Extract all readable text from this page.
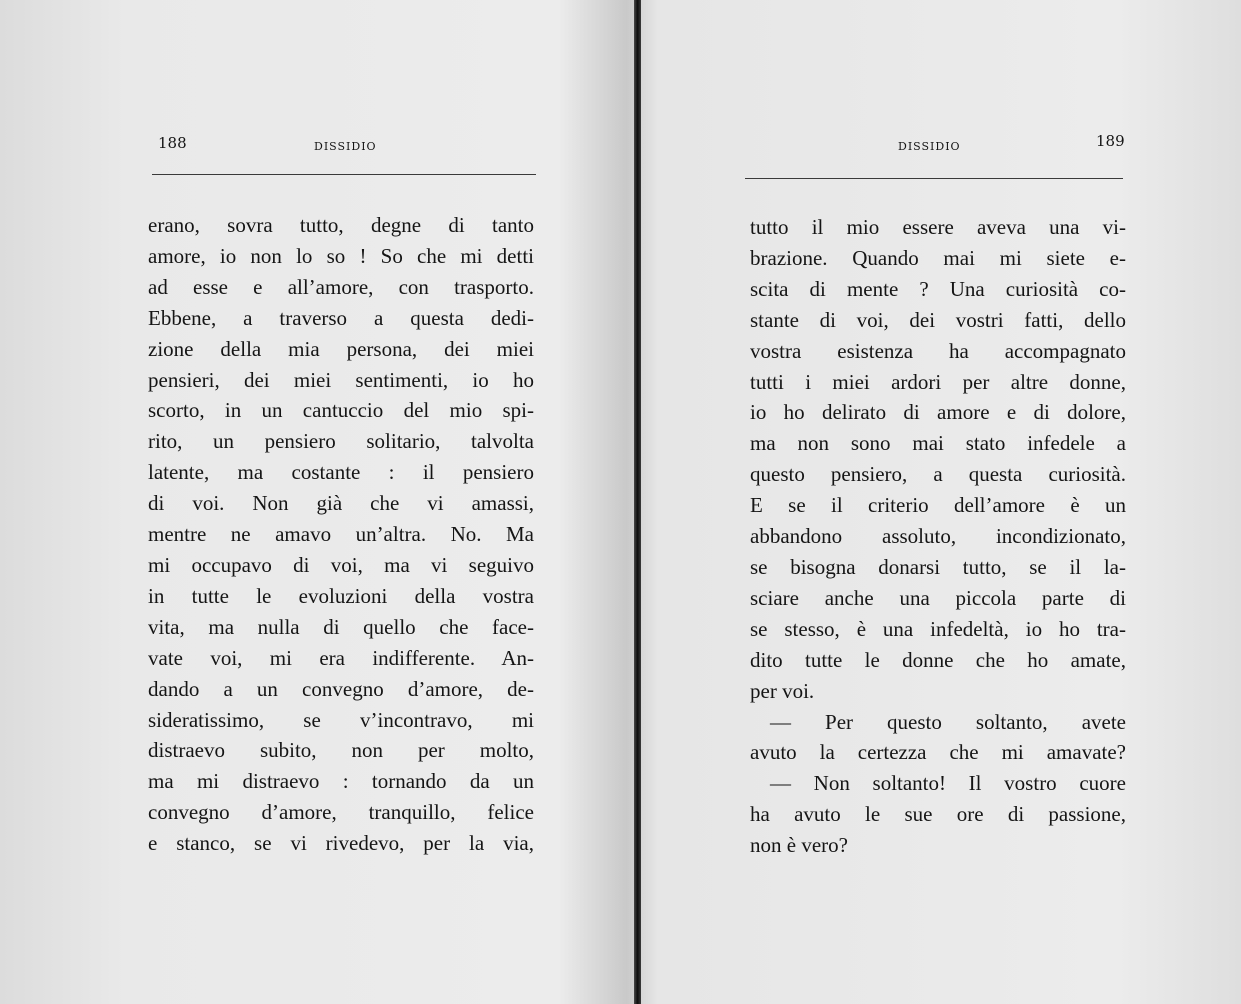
188	DISSIDIO
erano, sovra tutto, degne di tanto
amore, io non lo so ! So che mi detti
ad esse e all’amore, con trasporto.
Ebbene, a traverso a questa dedi-
zione della mia persona, dei miei
pensieri, dei miei sentimenti, io ho
scorto, in un cantuccio del mio spi-
rito, un pensiero solitario, talvolta
latente, ma costante : il pensiero
di voi. Non già che vi amassi,
mentre ne amavo un’altra. No. Ma
mi occupavo di voi, ma vi seguivo
in tutte le evoluzioni della vostra
vita, ma nulla di quello che face-
vate voi, mi era indifferente. An-
dando a un convegno d’amore, de-
sideratissimo, se v’incontravo, mi
distraevo subito, non per molto,
ma mi distraevo : tornando da un
convegno d’amore, tranquillo, felice
e stanco, se vi rivedevo, per la via,
DISSIDIO	189
tutto il mio essere aveva una vi-
brazione. Quando mai mi siete e-
scita di mente ? Una curiosità co-
stante di voi, dei vostri fatti, dello
vostra esistenza ha accompagnato
tutti i miei ardori per altre donne,
io ho delirato di amore e di dolore,
ma non sono mai stato infedele a
questo pensiero, a questa curiosità.
E se il criterio dell’amore è un
abbandono assoluto, incondizionato,
se bisogna donarsi tutto, se il la-
sciare anche una piccola parte di
se stesso, è una infedeltà, io ho tra-
dito tutte le donne che ho amate,
per voi.
— Per questo soltanto, avete
avuto la certezza che mi amavate?
— Non soltanto! Il vostro cuore
ha avuto le sue ore di passione,
non è vero?
